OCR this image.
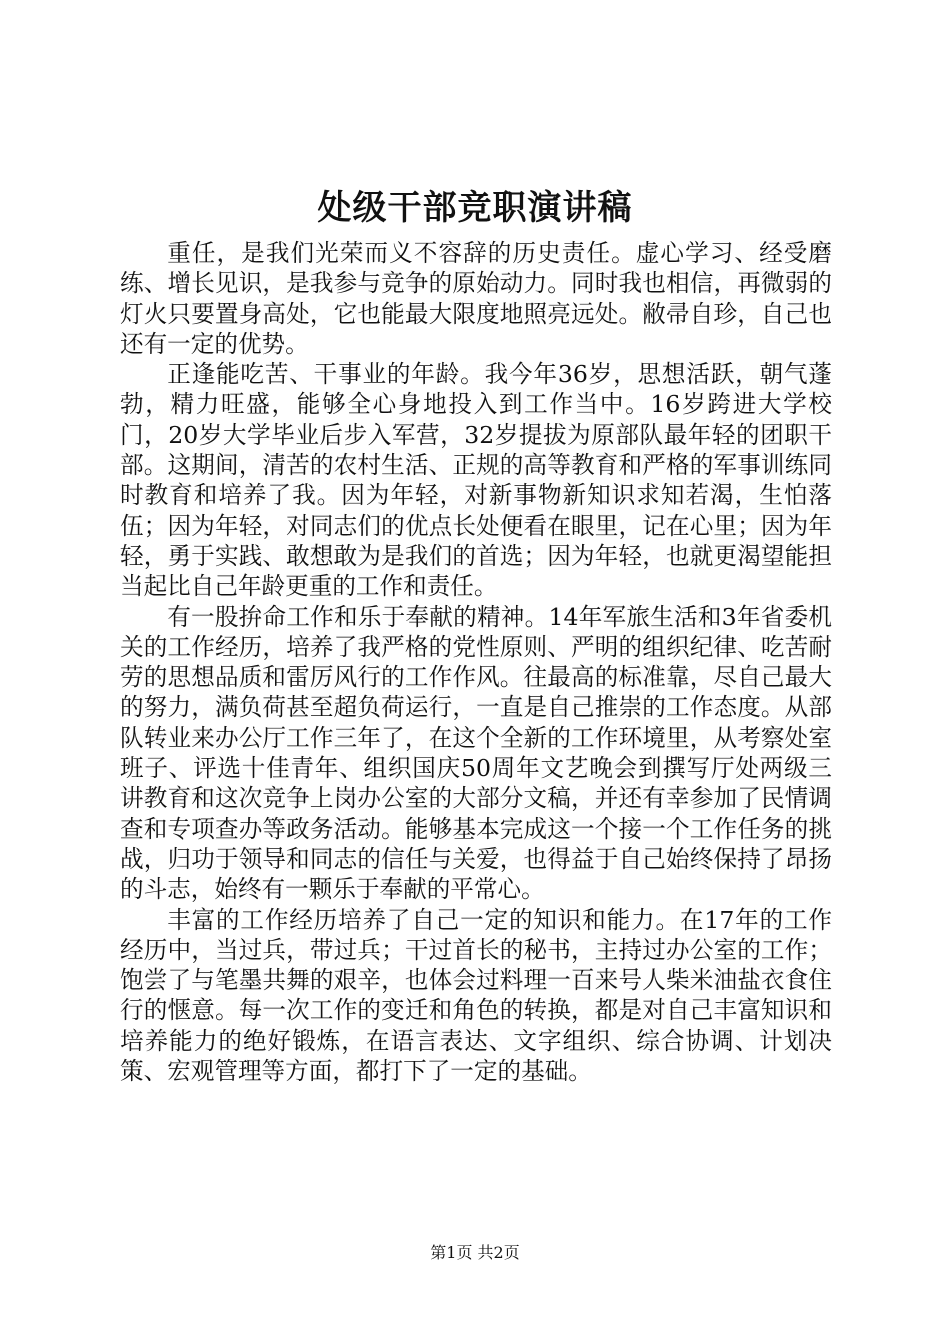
处级干部竞职演讲稿

重任，是我们光荣而义不容辞的历史责任。虚心学习、经受磨练、增长见识，是我参与竞争的原始动力。同时我也相信，再微弱的灯火只要置身高处，它也能最大限度地照亮远处。敝帚自珍，自己也还有一定的优势。

正逢能吃苦、干事业的年龄。我今年36岁，思想活跃，朝气蓬勃，精力旺盛，能够全心身地投入到工作当中。16岁跨进大学校门，20岁大学毕业后步入军营，32岁提拔为原部队最年轻的团职干部。这期间，清苦的农村生活、正规的高等教育和严格的军事训练同时教育和培养了我。因为年轻，对新事物新知识求知若渴，生怕落伍；因为年轻，对同志们的优点长处便看在眼里，记在心里；因为年轻，勇于实践、敢想敢为是我们的首选；因为年轻，也就更渴望能担当起比自己年龄更重的工作和责任。

有一股拚命工作和乐于奉献的精神。14年军旅生活和3年省委机关的工作经历，培养了我严格的党性原则、严明的组织纪律、吃苦耐劳的思想品质和雷厉风行的工作作风。往最高的标准靠，尽自己最大的努力，满负荷甚至超负荷运行，一直是自己推崇的工作态度。从部队转业来办公厅工作三年了，在这个全新的工作环境里，从考察处室班子、评选十佳青年、组织国庆50周年文艺晚会到撰写厅处两级三讲教育和这次竞争上岗办公室的大部分文稿，并还有幸参加了民情调查和专项查办等政务活动。能够基本完成这一个接一个工作任务的挑战，归功于领导和同志的信任与关爱，也得益于自己始终保持了昂扬的斗志，始终有一颗乐于奉献的平常心。

丰富的工作经历培养了自己一定的知识和能力。在17年的工作经历中，当过兵，带过兵；干过首长的秘书，主持过办公室的工作；饱尝了与笔墨共舞的艰辛，也体会过料理一百来号人柴米油盐衣食住行的惬意。每一次工作的变迁和角色的转换，都是对自己丰富知识和培养能力的绝好锻炼，在语言表达、文字组织、综合协调、计划决策、宏观管理等方面，都打下了一定的基础。

第1页 共2页
